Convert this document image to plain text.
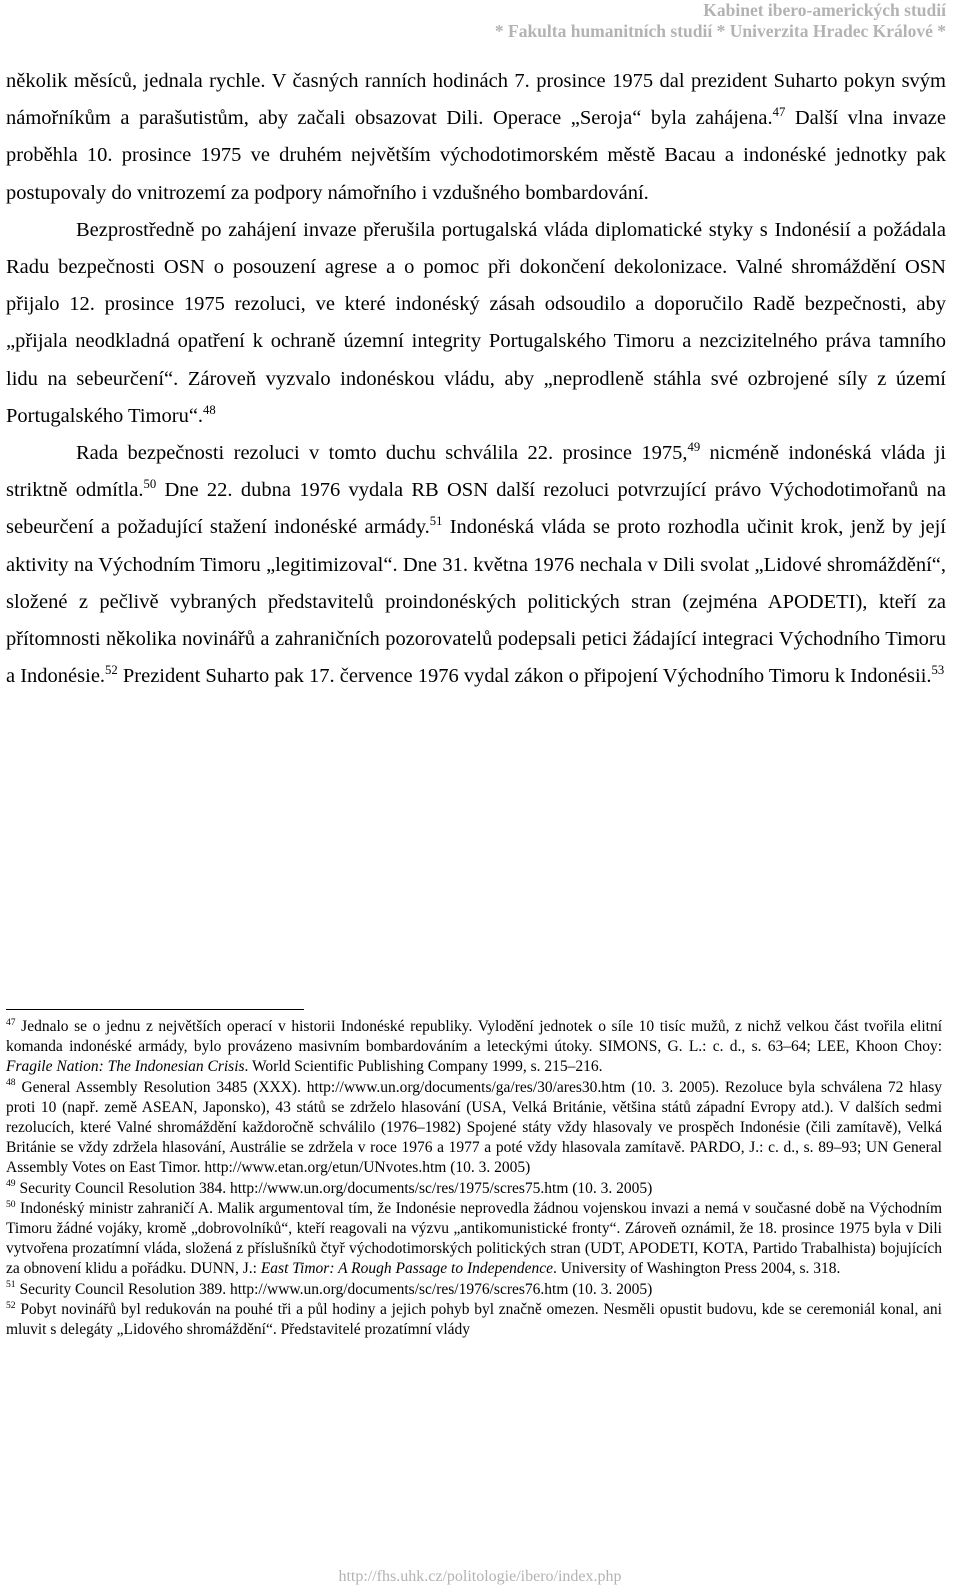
Kabinet ibero-amerických studií
* Fakulta humanitních studií * Univerzita Hradec Králové *

několik měsíců, jednala rychle. V časných ranních hodinách 7. prosince 1975 dal prezident Suharto pokyn svým námořníkům a parašutistům, aby začali obsazovat Dili. Operace „Seroja“ byla zahájena.$^{47}$ Další vlna invaze proběhla 10. prosince 1975 ve druhém největším východotimorském městě Bacau a indonéské jednotky pak postupovaly do vnitrozemí za podpory námořního i vzdušného bombardování.

Bezprostředně po zahájení invaze přerušila portugalská vláda diplomatické styky s Indonésií a požádala Radu bezpečnosti OSN o posouzení agrese a o pomoc při dokončení dekolonizace. Valné shromáždění OSN přijalo 12. prosince 1975 rezoluci, ve které indonéský zásah odsoudilo a doporučilo Radě bezpečnosti, aby „přijala neodkladná opatření k ochraně územní integrity Portugalského Timoru a nezcizitelného práva tamního lidu na sebeurčení“. Zároveň vyzvalo indonéskou vládu, aby „neprodleně stáhla své ozbrojené síly z území Portugalského Timoru“.$^{48}$

Rada bezpečnosti rezoluci v tomto duchu schválila 22. prosince 1975,49 nicméně indonéská vláda ji striktně odmítla.$^{50}$ Dne 22. dubna 1976 vydala RB OSN další rezoluci potvrzující právo Východotimořanů na sebeurčení a požadující stažení indonéské armády.$^{51}$ Indonéská vláda se proto rozhodla učinit krok, jenž by její aktivity na Východním Timoru „legitimizoval“. Dne 31. května 1976 nechala v Dili svolat „Lidové shromáždění“, složené z pečlivě vybraných představitelů proindonéských politických stran (zejména APODETI), kteří za přítomnosti několika novinářů a zahraničních pozorovatelů podepsali petici žádající integraci Východního Timoru a Indonésie.$^{52}$ Prezident Suharto pak 17. července 1976 vydal zákon o připojení Východního Timoru k Indonésii.$^{53}$

$^{47}$ Jednalo se o jednu z největších operací v historii Indonéské republiky. Vylodění jednotek o síle 10 tisíc mužů, z nichž velkou část tvořila elitní komanda indonéské armády, bylo provázeno masivním bombardováním a leteckými útoky. SIMONS, G. L.: c. d., s. 63–64; LEE, Khoon Choy: Fragile Nation: The Indonesian Crisis. World Scientific Publishing Company 1999, s. 215–216.

$^{48}$ General Assembly Resolution 3485 (XXX). http://www.un.org/documents/ga/res/30/ares30.htm (10. 3. 2005). Rezoluce byla schválena 72 hlasy proti 10 (např. země ASEAN, Japonsko), 43 států se zdrželo hlasování (USA, Velká Británie, většina států západní Evropy atd.). V dalších sedmi rezolucích, které Valné shromáždění každoročně schválilo (1976–1982) Spojené státy vždy hlasovaly ve prospěch Indonésie (čili zamítavě), Velká Británie se vždy zdržela hlasování, Austrálie se zdržela v roce 1976 a 1977 a poté vždy hlasovala zamítavě. PARDO, J.: c. d., s. 89–93; UN General Assembly Votes on East Timor. http://www.etan.org/etun/UNvotes.htm (10. 3. 2005)

$^{49}$ Security Council Resolution 384. http://www.un.org/documents/sc/res/1975/scres75.htm (10. 3. 2005)

$^{50}$ Indonéský ministr zahraničí A. Malik argumentoval tím, že Indonésie neprovedla žádnou vojenskou invazi a nemá v současné době na Východním Timoru žádné vojáky, kromě „dobrovolníků“, kteří reagovali na výzvu „antikomunistické fronty“. Zároveň oznámil, že 18. prosince 1975 byla v Dili vytvořena prozatímní vláda, složená z příslušníků čtyř východotimorských politických stran (UDT, APODETI, KOTA, Partido Trabalhista) bojujících za obnovení klidu a pořádku. DUNN, J.: East Timor: A Rough Passage to Independence. University of Washington Press 2004, s. 318.

$^{51}$ Security Council Resolution 389. http://www.un.org/documents/sc/res/1976/scres76.htm (10. 3. 2005)

$^{52}$ Pobyt novinářů byl redukován na pouhé tři a půl hodiny a jejich pohyb byl značně omezen. Nesměli opustit budovu, kde se ceremoniál konal, ani mluvit s delegáty „Lidového shromáždění“. Představitelé prozatímní vlády

http://fhs.uhk.cz/politologie/ibero/index.php
